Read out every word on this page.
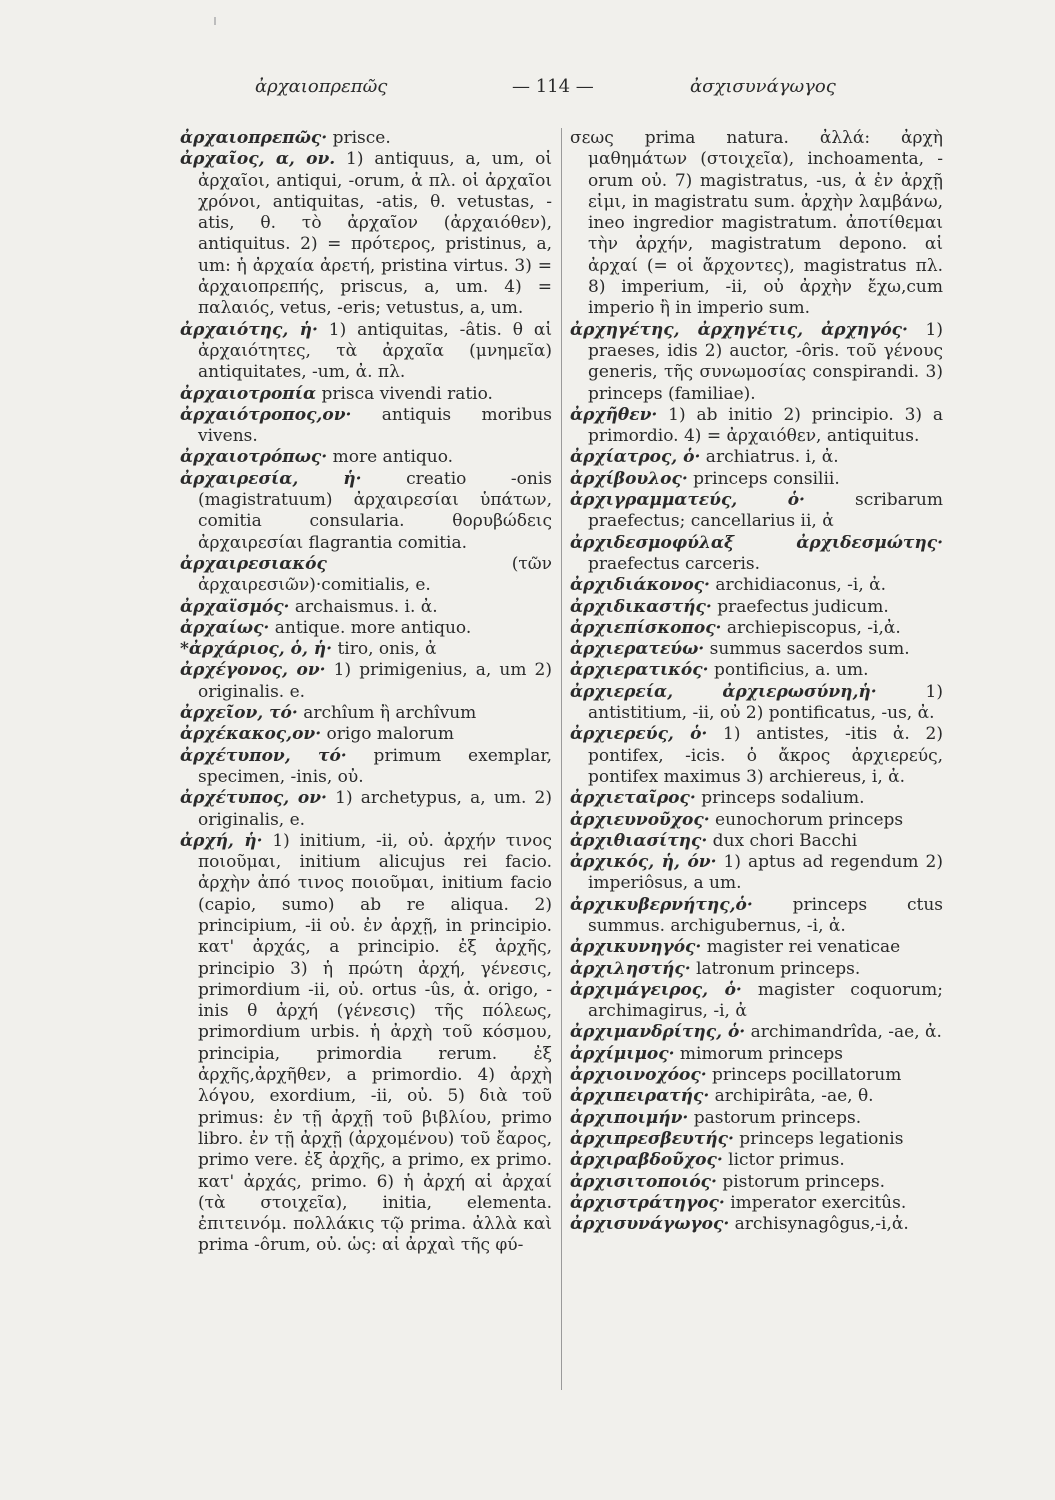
ἀρχαιοπρεπῶς	— 114 —	ἀσχισυνάγωγος

ἀρχαιοπρεπῶς· prisce.

ἀρχαῖος, α, ον. 1) antiquus, a, um, οἱ ἀρχαῖοι, antiqui, -orum, ἀ πλ. οἱ ἀρχαῖοι χρόνοι, antiquitas, -atis, θ. vetustas, -atis, θ. τὸ ἀρχαῖον (ἀρχαιόθεν), antiquitus. 2) = πρότερος, pristinus, a, um: ἡ ἀρχαία ἀρετή, pristina virtus. 3) = ἀρχαιοπρεπής, priscus, a, um. 4) = παλαιός, vetus, -eris; vetustus, a, um.

ἀρχαιότης, ἡ· 1) antiquitas, -âtis. θ αἱ ἀρχαιότητες, τὰ ἀρχαῖα (μνημεῖα) antiquitates, -um, ἀ. πλ.

ἀρχαιοτροπία prisca vivendi ratio.

ἀρχαιότροπος,ον· antiquis moribus vivens.

ἀρχαιοτρόπως· more antiquo.

ἀρχαιρεσία, ἡ· creatio -onis (magistratuum) ἀρχαιρεσίαι ὑπάτων, comitia consularia. θορυβώδεις ἀρχαιρεσίαι flagrantia comitia.

ἀρχαιρεσιακός (τῶν ἀρχαιρεσιῶν)·comitialis, e.

ἀρχαϊσμός· archaismus. i. ἀ.

ἀρχαίως· antique. more antiquo.

*ἀρχάριος, ὁ, ἡ· tiro, onis, ἀ

ἀρχέγονος, ον· 1) primigenius, a, um 2) originalis. e.

ἀρχεῖον, τό· archîum ἢ archîvum

ἀρχέκακος,ον· origo malorum

ἀρχέτυπον, τό· primum exemplar, specimen, -inis, οὐ.

ἀρχέτυπος, ον· 1) archetypus, a, um. 2) originalis, e.

ἀρχή, ἡ· 1) initium, -ii, οὐ. ἀρχήν τινος ποιοῦμαι, initium alicujus rei facio. ἀρχὴν ἀπό τινος ποιοῦμαι, initium facio (capio, sumo) ab re aliqua. 2) principium, -ii οὐ. ἐν ἀρχῇ, in principio. κατ' ἀρχάς, a principio. ἐξ ἀρχῆς, principio 3) ἡ πρώτη ἀρχή, γένεσις, primordium -ii, οὐ. ortus -ûs, ἀ. origo, -inis θ ἀρχή (γένεσις) τῆς πόλεως, primordium urbis. ἡ ἀρχὴ τοῦ κόσμου, principia, primordia rerum. ἐξ ἀρχῆς,ἀρχῆθεν, a primordio. 4) ἀρχὴ λόγου, exordium, -ii, οὐ. 5) διὰ τοῦ primus: ἐν τῇ ἀρχῇ τοῦ βιβλίου, primo libro. ἐν τῇ ἀρχῇ (ἀρχομένου) τοῦ ἔαρος, primo vere. ἐξ ἀρχῆς, a primo, ex primo. κατ' ἀρχάς, primo. 6) ἡ ἀρχή αἱ ἀρχαί (τὰ στοιχεῖα), initia, elementa. ἐπιτεινόμ. πολλάκις τῷ prima. ἀλλὰ καὶ prima -ôrum, οὐ. ὡς: αἱ ἀρχαὶ τῆς φύ-

σεως prima natura. ἀλλά: ἀρχὴ μαθημάτων (στοιχεῖα), inchoamenta, -orum οὐ. 7) magistratus, -us, ἀ ἐν ἀρχῇ εἰμι, in magistratu sum. ἀρχὴν λαμβάνω, ineo ingredior magistratum. ἀποτίθεμαι τὴν ἀρχήν, magistratum depono. αἱ ἀρχαί (= οἱ ἄρχοντες), magistratus πλ. 8) imperium, -ii, οὐ ἀρχὴν ἔχω,cum imperio ἢ in imperio sum.

ἀρχηγέτης, ἀρχηγέτις, ἀρχηγός· 1) praeses, idis 2) auctor, -ôris. τοῦ γένους generis, τῆς συνωμοσίας conspirandi. 3) princeps (familiae).

ἀρχῆθεν· 1) ab initio 2) principio. 3) a primordio. 4) = ἀρχαιόθεν, antiquitus.

ἀρχίατρος, ὁ· archiatrus. i, ἀ.

ἀρχίβουλος· princeps consilii.

ἀρχιγραμματεύς, ὁ· scribarum praefectus; cancellarius ii, ἀ

ἀρχιδεσμοφύλαξ ἀρχιδεσμώτης· praefectus carceris.

ἀρχιδιάκονος· archidiaconus, -i, ἀ.

ἀρχιδικαστής· praefectus judicum.

ἀρχιεπίσκοπος· archiepiscopus, -i,ἀ.

ἀρχιερατεύω· summus sacerdos sum.

ἀρχιερατικός· pontificius, a. um.

ἀρχιερεία, ἀρχιερωσύνη,ἡ· 1) antistitium, -ii, οὐ 2) pontificatus, -us, ἀ.

ἀρχιερεύς, ὁ· 1) antistes, -itis ἀ. 2) pontifex, -icis. ὁ ἄκρος ἀρχιερεύς, pontifex maximus 3) archiereus, i, ἀ.

ἀρχιεταῖρος· princeps sodalium.

ἀρχιευνοῦχος· eunochorum princeps

ἀρχιθιασίτης· dux chori Bacchi

ἀρχικός, ἡ, όν· 1) aptus ad regendum 2) imperiôsus, a um.

ἀρχικυβερνήτης,ὁ· princeps ctus summus. archigubernus, -i, ἀ.

ἀρχικυνηγός· magister rei venaticae

ἀρχιληστής· latronum princeps.

ἀρχιμάγειρος, ὁ· magister coquorum; archimagirus, -i, ἀ

ἀρχιμανδρίτης, ὁ· archimandrîda, -ae, ἀ.

ἀρχίμιμος· mimorum princeps

ἀρχιοινοχόος· princeps pocillatorum

ἀρχιπειρατής· archipirâta, -ae, θ.

ἀρχιποιμήν· pastorum princeps.

ἀρχιπρεσβευτής· princeps legationis

ἀρχιραβδοῦχος· lictor primus.

ἀρχισιτοποιός· pistorum princeps.

ἀρχιστράτηγος· imperator exercitûs.

ἀρχισυνάγωγος· archisynagôgus,-i,ἀ.
